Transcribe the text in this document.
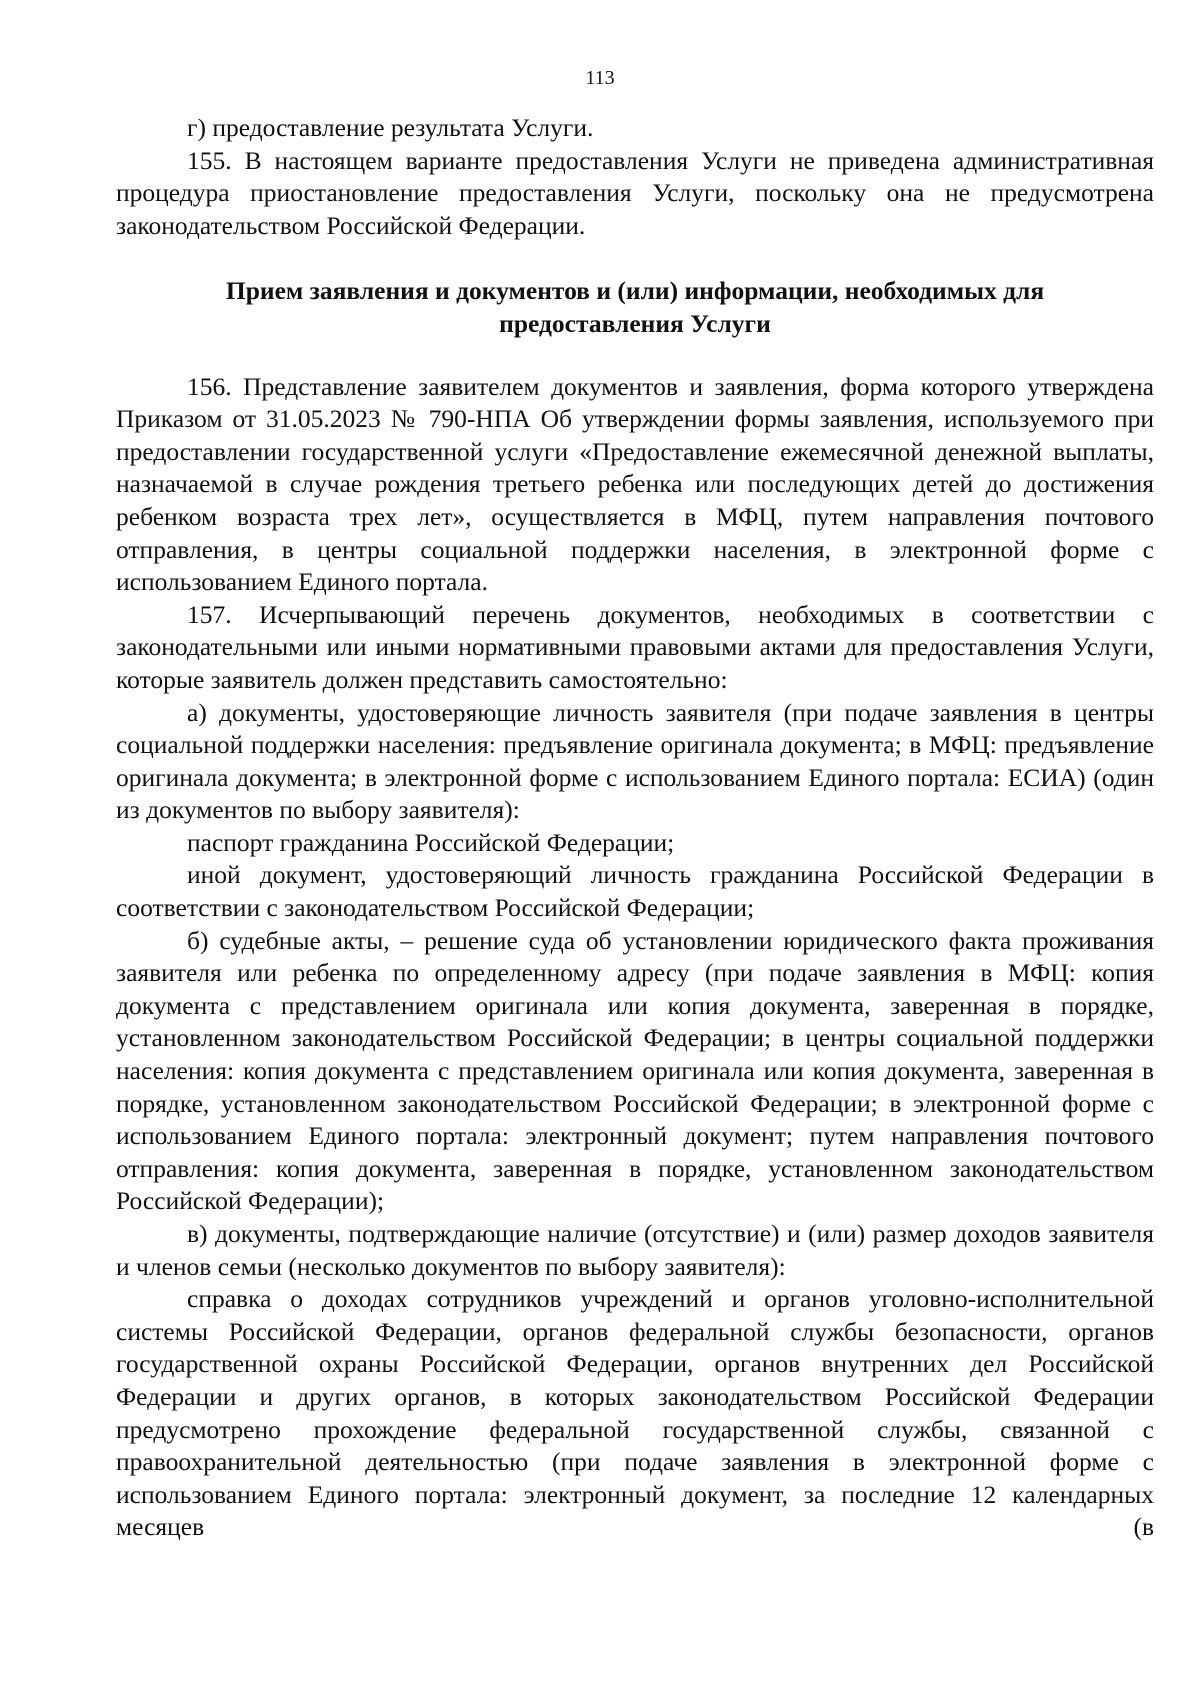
113

г) предоставление результата Услуги.

155. В настоящем варианте предоставления Услуги не приведена административная процедура приостановление предоставления Услуги, поскольку она не предусмотрена законодательством Российской Федерации.

Прием заявления и документов и (или) информации, необходимых для предоставления Услуги

156. Представление заявителем документов и заявления, форма которого утверждена Приказом от 31.05.2023 № 790-НПА Об утверждении формы заявления, используемого при предоставлении государственной услуги «Предоставление ежемесячной денежной выплаты, назначаемой в случае рождения третьего ребенка или последующих детей до достижения ребенком возраста трех лет», осуществляется в МФЦ, путем направления почтового отправления, в центры социальной поддержки населения, в электронной форме с использованием Единого портала.

157. Исчерпывающий перечень документов, необходимых в соответствии с законодательными или иными нормативными правовыми актами для предоставления Услуги, которые заявитель должен представить самостоятельно:

а) документы, удостоверяющие личность заявителя (при подаче заявления в центры социальной поддержки населения: предъявление оригинала документа; в МФЦ: предъявление оригинала документа; в электронной форме с использованием Единого портала: ЕСИА) (один из документов по выбору заявителя):

паспорт гражданина Российской Федерации;

иной документ, удостоверяющий личность гражданина Российской Федерации в соответствии с законодательством Российской Федерации;

б) судебные акты, – решение суда об установлении юридического факта проживания заявителя или ребенка по определенному адресу (при подаче заявления в МФЦ: копия документа с представлением оригинала или копия документа, заверенная в порядке, установленном законодательством Российской Федерации; в центры социальной поддержки населения: копия документа с представлением оригинала или копия документа, заверенная в порядке, установленном законодательством Российской Федерации; в электронной форме с использованием Единого портала: электронный документ; путем направления почтового отправления: копия документа, заверенная в порядке, установленном законодательством Российской Федерации);

в) документы, подтверждающие наличие (отсутствие) и (или) размер доходов заявителя и членов семьи (несколько документов по выбору заявителя):

справка о доходах сотрудников учреждений и органов уголовно-исполнительной системы Российской Федерации, органов федеральной службы безопасности, органов государственной охраны Российской Федерации, органов внутренних дел Российской Федерации и других органов, в которых законодательством Российской Федерации предусмотрено прохождение федеральной государственной службы, связанной с правоохранительной деятельностью (при подаче заявления в электронной форме с использованием Единого портала: электронный документ, за последние 12 календарных месяцев (в
